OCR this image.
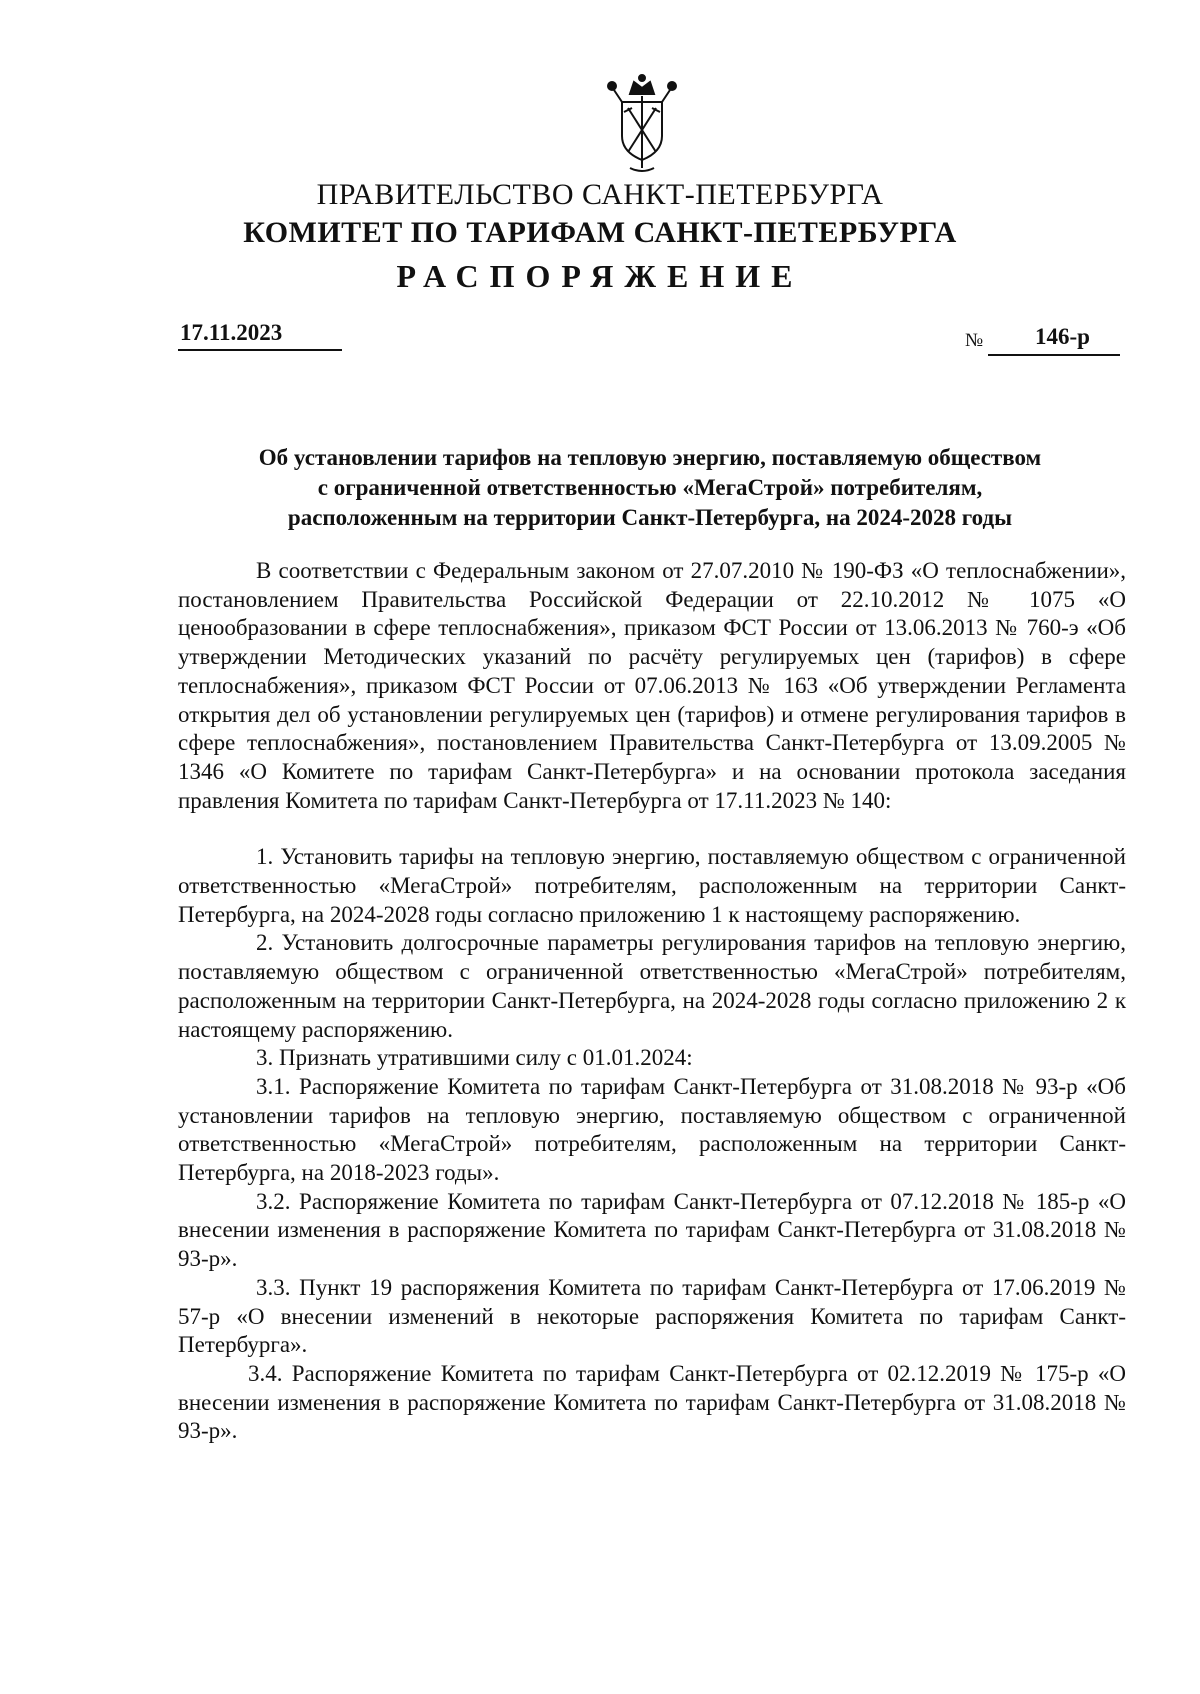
ПРАВИТЕЛЬСТВО САНКТ-ПЕТЕРБУРГА
КОМИТЕТ ПО ТАРИФАМ САНКТ-ПЕТЕРБУРГА
РАСПОРЯЖЕНИЕ
17.11.2023	№ 146-р
Об установлении тарифов на тепловую энергию, поставляемую обществом
с ограниченной ответственностью «МегаСтрой» потребителям,
расположенным на территории Санкт-Петербурга, на 2024-2028 годы

В соответствии с Федеральным законом от 27.07.2010 № 190-ФЗ «О теплоснабжении», постановлением Правительства Российской Федерации от 22.10.2012 № 1075 «О ценообразовании в сфере теплоснабжения», приказом ФСТ России от 13.06.2013 № 760-э «Об утверждении Методических указаний по расчёту регулируемых цен (тарифов) в сфере теплоснабжения», приказом ФСТ России от 07.06.2013 № 163 «Об утверждении Регламента открытия дел об установлении регулируемых цен (тарифов) и отмене регулирования тарифов в сфере теплоснабжения», постановлением Правительства Санкт-Петербурга от 13.09.2005 № 1346 «О Комитете по тарифам Санкт-Петербурга» и на основании протокола заседания правления Комитета по тарифам Санкт-Петербурга от 17.11.2023 № 140:

1. Установить тарифы на тепловую энергию, поставляемую обществом с ограниченной ответственностью «МегаСтрой» потребителям, расположенным на территории Санкт-Петербурга, на 2024-2028 годы согласно приложению 1 к настоящему распоряжению.

2. Установить долгосрочные параметры регулирования тарифов на тепловую энергию, поставляемую обществом с ограниченной ответственностью «МегаСтрой» потребителям, расположенным на территории Санкт-Петербурга, на 2024-2028 годы согласно приложению 2 к настоящему распоряжению.

3. Признать утратившими силу с 01.01.2024:

3.1. Распоряжение Комитета по тарифам Санкт-Петербурга от 31.08.2018 № 93-р «Об установлении тарифов на тепловую энергию, поставляемую обществом с ограниченной ответственностью «МегаСтрой» потребителям, расположенным на территории Санкт-Петербурга, на 2018-2023 годы».

3.2. Распоряжение Комитета по тарифам Санкт-Петербурга от 07.12.2018 № 185-р «О внесении изменения в распоряжение Комитета по тарифам Санкт-Петербурга от 31.08.2018 № 93-р».

3.3. Пункт 19 распоряжения Комитета по тарифам Санкт-Петербурга от 17.06.2019 № 57-р «О внесении изменений в некоторые распоряжения Комитета по тарифам Санкт-Петербурга».

3.4. Распоряжение Комитета по тарифам Санкт-Петербурга от 02.12.2019 № 175-р «О внесении изменения в распоряжение Комитета по тарифам Санкт-Петербурга от 31.08.2018 № 93-р».
